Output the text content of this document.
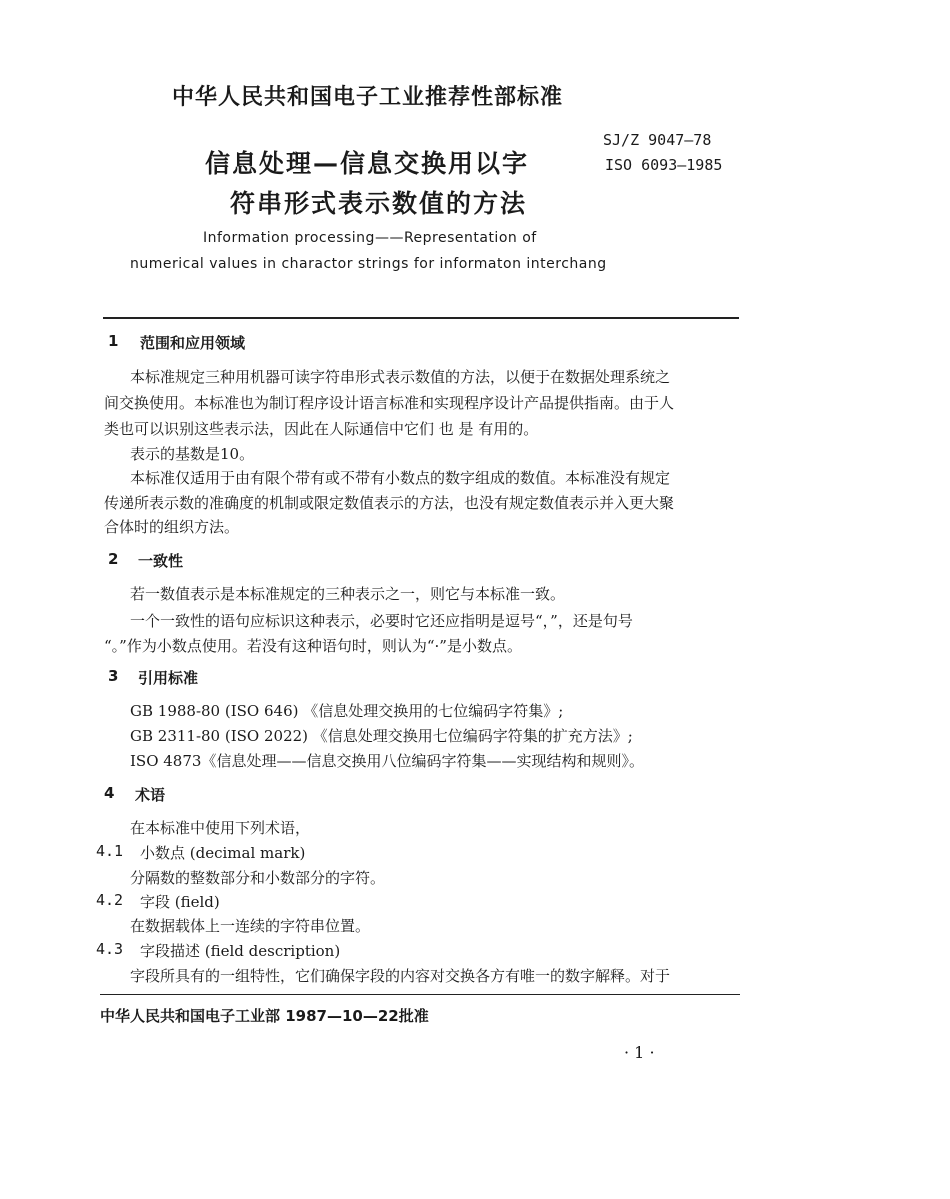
中华人民共和国电子工业推荐性部标准
SJ/Z 9047—78
ISO 6093—1985
信息处理—信息交换用以字
符串形式表示数值的方法
Information processing——Representation of
numerical values in charactor strings for informaton interchang
1 范围和应用领域
本标准规定三种用机器可读字符串形式表示数值的方法，以便于在数据处理系统之
间交换使用。本标准也为制订程序设计语言标准和实现程序设计产品提供指南。由于人
类也可以识别这些表示法，因此在人际通信中它们 也 是 有用的。
表示的基数是10。
本标准仅适用于由有限个带有或不带有小数点的数字组成的数值。本标准没有规定
传递所表示数的准确度的机制或限定数值表示的方法，也没有规定数值表示并入更大聚
合体时的组织方法。
2 一致性
若一数值表示是本标准规定的三种表示之一，则它与本标准一致。
一个一致性的语句应标识这种表示，必要时它还应指明是逗号“，”，还是句号
“。”作为小数点使用。若没有这种语句时，则认为“·”是小数点。
3 引用标准
GB 1988-80 (ISO 646) 《信息处理交换用的七位编码字符集》;
GB 2311-80 (ISO 2022) 《信息处理交换用七位编码字符集的扩充方法》;
ISO 4873《信息处理——信息交换用八位编码字符集——实现结构和规则》。
4 术语
在本标准中使用下列术语，
4.1 小数点 (decimal mark)
分隔数的整数部分和小数部分的字符。
4.2 字段 (field)
在数据载体上一连续的字符串位置。
4.3 字段描述 (field description)
字段所具有的一组特性，它们确保字段的内容对交换各方有唯一的数字解释。对于
中华人民共和国电子工业部 1987—10—22批准
· 1 ·
